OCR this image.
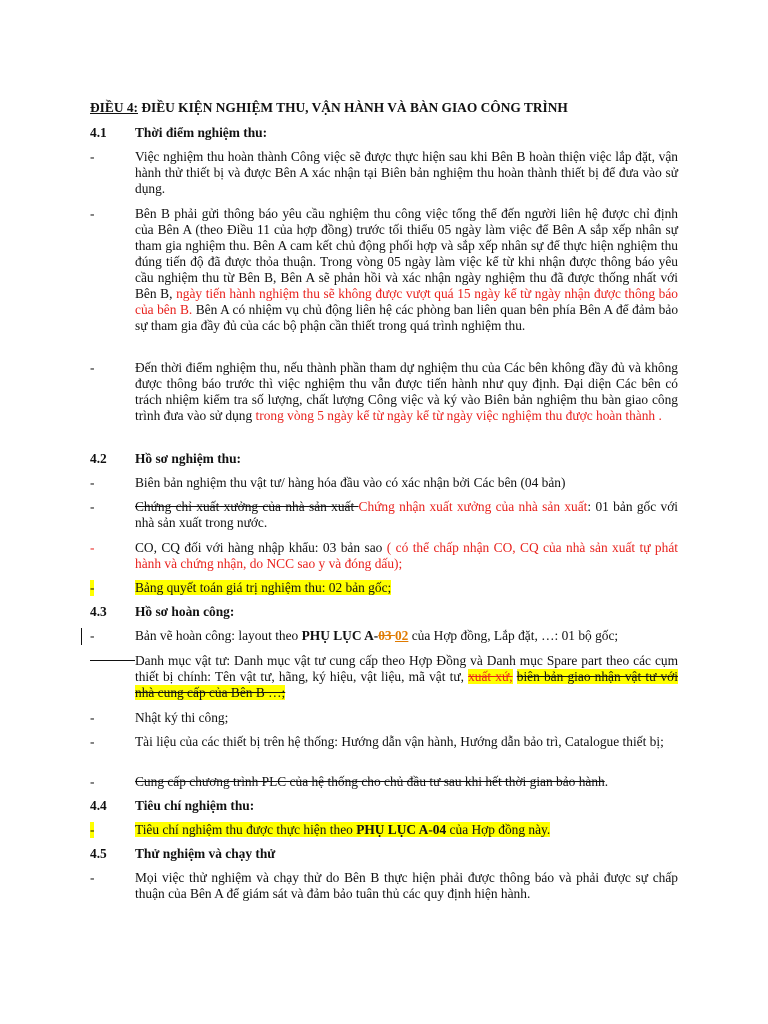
ĐIỀU 4: ĐIỀU KIỆN NGHIỆM THU, VẬN HÀNH VÀ BÀN GIAO CÔNG TRÌNH
4.1 Thời điểm nghiệm thu:
-	Việc nghiệm thu hoàn thành Công việc sẽ được thực hiện sau khi Bên B hoàn thiện việc lắp đặt, vận hành thử thiết bị và được Bên A xác nhận tại Biên bản nghiệm thu hoàn thành thiết bị để đưa vào sử dụng.
-	Bên B phải gửi thông báo yêu cầu nghiệm thu công việc tổng thể đến người liên hệ được chỉ định của Bên A (theo Điều 11 của hợp đồng) trước tối thiểu 05 ngày làm việc để Bên A sắp xếp nhân sự tham gia nghiệm thu. Bên A cam kết chủ động phối hợp và sắp xếp nhân sự để thực hiện nghiệm thu đúng tiến độ đã được thỏa thuận. Trong vòng 05 ngày làm việc kể từ khi nhận được thông báo yêu cầu nghiệm thu từ Bên B, Bên A sẽ phản hồi và xác nhận ngày nghiệm thu đã được thống nhất với Bên B, ngày tiến hành nghiệm thu sẽ không được vượt quá 15 ngày kể từ ngày nhận được thông báo của bên B. Bên A có nhiệm vụ chủ động liên hệ các phòng ban liên quan bên phía Bên A để đảm bảo sự tham gia đầy đủ của các bộ phận cần thiết trong quá trình nghiệm thu.
-	Đến thời điểm nghiệm thu, nếu thành phần tham dự nghiệm thu của Các bên không đầy đủ và không được thông báo trước thì việc nghiệm thu vẫn được tiến hành như quy định. Đại diện Các bên có trách nhiệm kiểm tra số lượng, chất lượng Công việc và ký vào Biên bản nghiệm thu bàn giao công trình đưa vào sử dụng trong vòng 5 ngày kể từ ngày kể từ ngày việc nghiệm thu được hoàn thành .
4.2 Hồ sơ nghiệm thu:
-	Biên bản nghiệm thu vật tư/ hàng hóa đầu vào có xác nhận bởi Các bên (04 bản)
-	Chứng chỉ xuất xưởng của nhà sản xuất Chứng nhận xuất xưởng của nhà sản xuất: 01 bản gốc với nhà sản xuất trong nước.
-	CO, CQ đối với hàng nhập khẩu: 03 bản sao ( có thể chấp nhận CO, CQ của nhà sản xuất tự phát hành và chứng nhận, do NCC sao y và đóng dấu);
-	Bảng quyết toán giá trị nghiệm thu: 02 bản gốc;
4.3 Hồ sơ hoàn công:
-	Bản vẽ hoàn công: layout theo PHỤ LỤC A-03 02 của Hợp đồng, Lắp đặt, …: 01 bộ gốc;
Danh mục vật tư: Danh mục vật tư cung cấp theo Hợp Đồng và Danh mục Spare part theo các cụm thiết bị chính: Tên vật tư, hãng, ký hiệu, vật liệu, mã vật tư, xuất xứ, biên bản giao nhận vật tư với nhà cung cấp của Bên B …;
-	Nhật ký thi công;
-	Tài liệu của các thiết bị trên hệ thống: Hướng dẫn vận hành, Hướng dẫn bảo trì, Catalogue thiết bị;
-	Cung cấp chương trình PLC của hệ thống cho chủ đầu tư sau khi hết thời gian bảo hành.
4.4 Tiêu chí nghiệm thu:
-	Tiêu chí nghiệm thu được thực hiện theo PHỤ LỤC A-04 của Hợp đồng này.
4.5 Thử nghiệm và chạy thử
-	Mọi việc thử nghiệm và chạy thử do Bên B thực hiện phải được thông báo và phải được sự chấp thuận của Bên A để giám sát và đảm bảo tuân thủ các quy định hiện hành.
